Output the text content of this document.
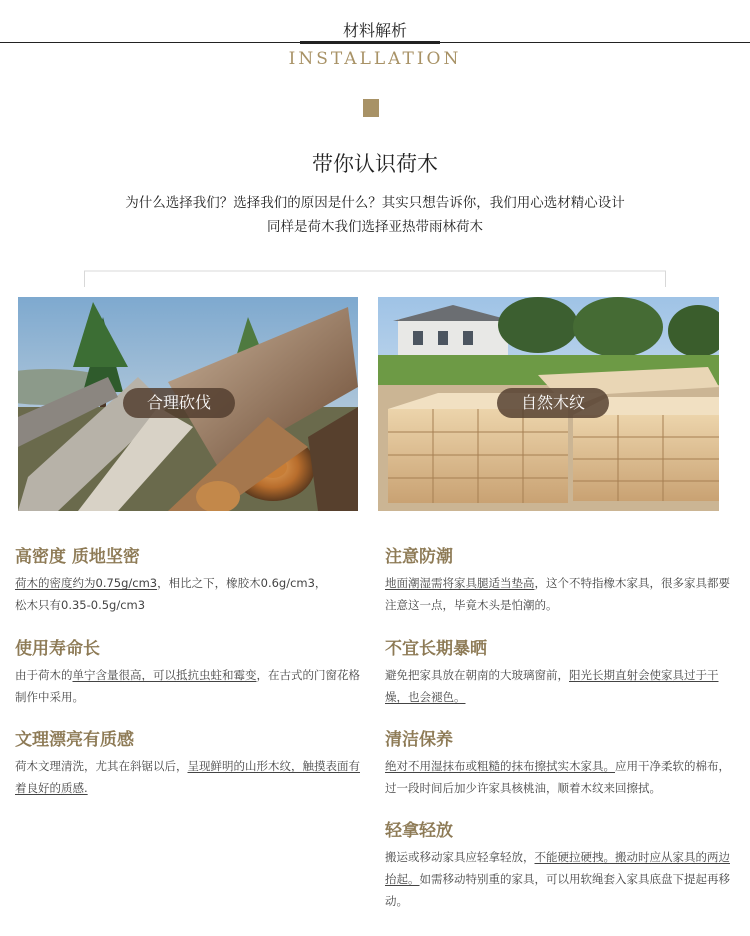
材料解析
INSTALLATION
带你认识荷木
为什么选择我们？选择我们的原因是什么？其实只想告诉你，我们用心选材精心设计
同样是荷木我们选择亚热带雨林荷木
合理砍伐	自然木纹
高密度 质地坚密
荷木的密度约为0.75g/cm3，相比之下，橡胶木0.6g/cm3，
松木只有0.35-0.5g/cm3
使用寿命长
由于荷木的单宁含量很高，可以抵抗虫蛀和霉变，在古式的门窗花格制作中采用。
文理漂亮有质感
荷木文理清洗，尤其在斜锯以后，呈现鲜明的山形木纹，触摸表面有着良好的质感.
注意防潮
地面潮湿需将家具腿适当垫高，这个不特指橡木家具，很多家具都要注意这一点，毕竟木头是怕潮的。
不宜长期暴晒
避免把家具放在朝南的大玻璃窗前，阳光长期直射会使家具过于干燥，也会褪色。
清洁保养
绝对不用湿抹布或粗糙的抹布擦拭实木家具。应用干净柔软的棉布，过一段时间后加少许家具核桃油，顺着木纹来回擦拭。
轻拿轻放
搬运或移动家具应轻拿轻放，不能硬拉硬拽。搬动时应从家具的两边抬起。如需移动特别重的家具，可以用软绳套入家具底盘下提起再移动。
